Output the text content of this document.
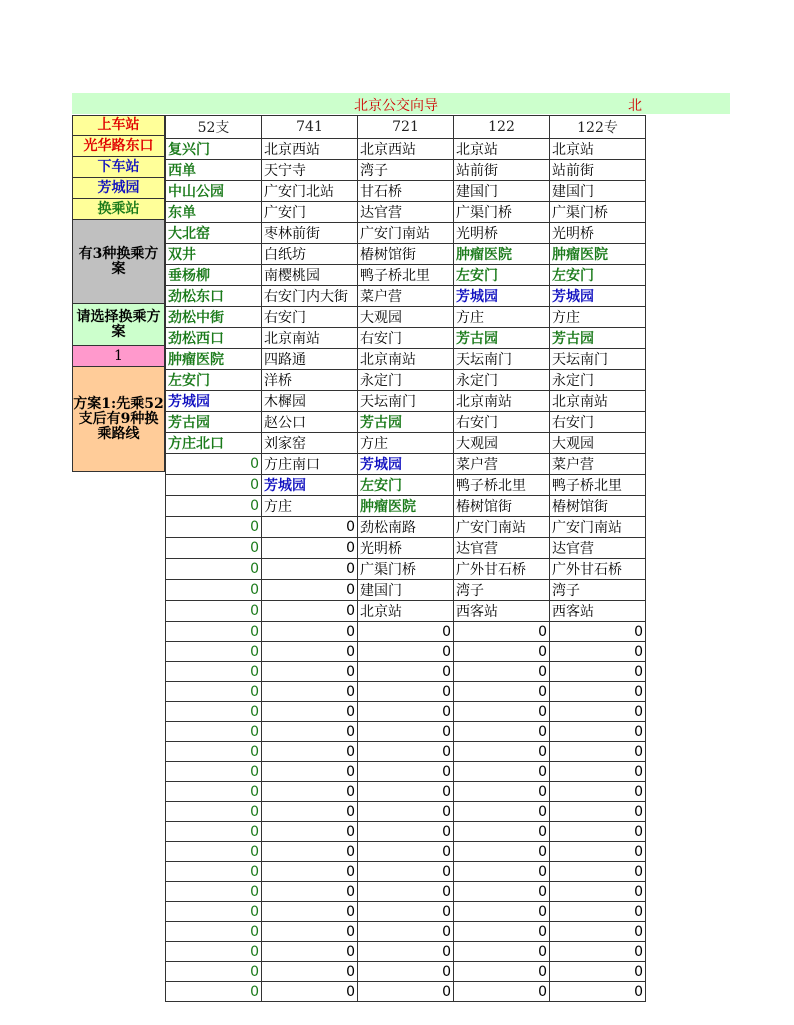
北京公交向导	北
上车站
光华路东口
下车站
芳城园
换乘站
有3种换乘方案
请选择换乘方案
1
方案1:先乘52支后有9种换乘路线
52支	741	721	122	122专
复兴门	北京西站	北京西站	北京站	北京站
西单	天宁寺	湾子	站前街	站前街
中山公园	广安门北站	甘石桥	建国门	建国门
东单	广安门	达官营	广渠门桥	广渠门桥
大北窑	枣林前街	广安门南站	光明桥	光明桥
双井	白纸坊	椿树馆街	肿瘤医院	肿瘤医院
垂杨柳	南樱桃园	鸭子桥北里	左安门	左安门
劲松东口	右安门内大街	菜户营	芳城园	芳城园
劲松中街	右安门	大观园	方庄	方庄
劲松西口	北京南站	右安门	芳古园	芳古园
肿瘤医院	四路通	北京南站	天坛南门	天坛南门
左安门	洋桥	永定门	永定门	永定门
芳城园	木樨园	天坛南门	北京南站	北京南站
芳古园	赵公口	芳古园	右安门	右安门
方庄北口	刘家窑	方庄	大观园	大观园
0	方庄南口	芳城园	菜户营	菜户营
0	芳城园	左安门	鸭子桥北里	鸭子桥北里
0	方庄	肿瘤医院	椿树馆街	椿树馆街
0	0	劲松南路	广安门南站	广安门南站
0	0	光明桥	达官营	达官营
0	0	广渠门桥	广外甘石桥	广外甘石桥
0	0	建国门	湾子	湾子
0	0	北京站	西客站	西客站
0	0	0	0	0
0	0	0	0	0
0	0	0	0	0
0	0	0	0	0
0	0	0	0	0
0	0	0	0	0
0	0	0	0	0
0	0	0	0	0
0	0	0	0	0
0	0	0	0	0
0	0	0	0	0
0	0	0	0	0
0	0	0	0	0
0	0	0	0	0
0	0	0	0	0
0	0	0	0	0
0	0	0	0	0
0	0	0	0	0
0	0	0	0	0
